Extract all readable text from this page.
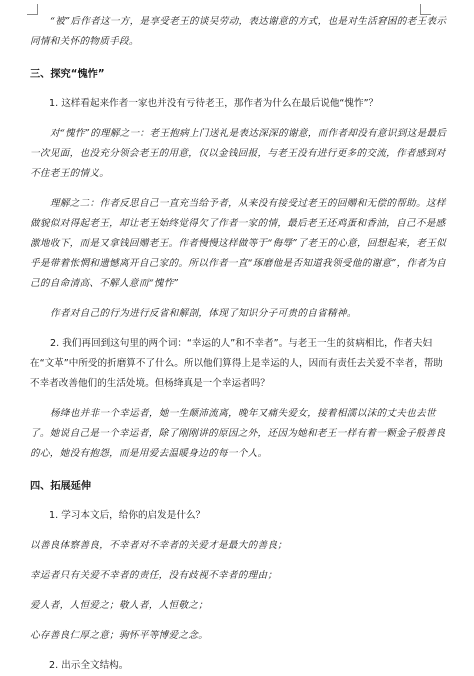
“被”后作者这一方，是享受老王的谈吴劳动，表达谢意的方式，也是对生活窘困的老王表示同情和关怀的物质手段。

三、探究“愧怍”

1. 这样看起来作者一家也并没有亏待老王，那作者为什么在最后说他“愧怍”？

对“愧怍”的理解之一：老王抱病上门送礼是表达深深的谢意，而作者却没有意识到这是最后一次见面，也没充分领会老王的用意，仅以金钱回报，与老王没有进行更多的交流，作者感到对不住老王的情义。

理解之二：作者反思自己一直充当给予者，从来没有接受过老王的回赠和无偿的帮助。这样做貌似对得起老王，却让老王始终觉得欠了作者一家的情，最后老王还鸡蛋和香油，自己不是感激地收下，而是又拿钱回赠老王。作者慢慢这样做等于“侮辱”了老王的心意，回想起来，老王似乎是带着怅惘和遗憾离开自己家的。所以作者一直“琢磨他是否知道我领受他的谢意”，作者为自己的自命清高、不解人意而“愧怍”

作者对自己的行为进行反省和解剖，体现了知识分子可贵的自省精神。

2. 我们再回到这句里的两个词：“幸运的人”和不幸者”。与老王一生的贫病相比，作者夫妇在“文革”中所受的折磨算不了什么。所以他们算得上是幸运的人，因而有责任去关爱不幸者，帮助不幸者改善他们的生活处境。但杨绛真是一个幸运者吗？

杨绛也并非一个幸运者，她一生颠沛流离，晚年又痛失爱女，接着相濡以沫的丈夫也去世了。她说自己是一个幸运者，除了刚刚讲的原因之外，还因为她和老王一样有着一颗金子般善良的心，她没有抱怨，而是用爱去温暖身边的每一个人。

四、拓展延伸

1. 学习本文后，给你的启发是什么？

以善良体察善良，不幸者对不幸者的关爱才是最大的善良；

幸运者只有关爱不幸者的责任，没有歧视不幸者的理由；

爱人者，人恒爱之；敬人者，人恒敬之；

心存善良仁厚之意；驹怀平等博爱之念。

2. 出示全文结构。
